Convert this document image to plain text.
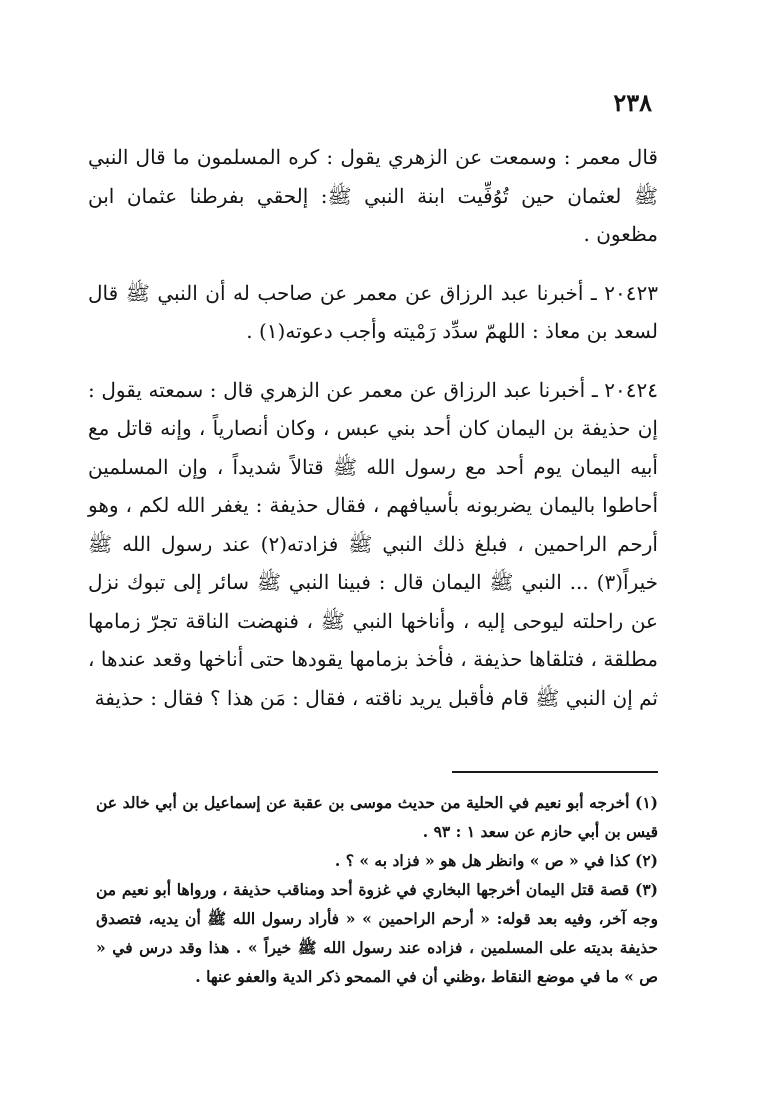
٢٣٨

قال معمر : وسمعت عن الزهري يقول : كره المسلمون ما قال النبي ﷺ لعثمان حين تُوُفِّيت ابنة النبي ﷺ: إلحقي بفرطنا عثمان ابن مظعون .

٢٠٤٢٣ ـ أخبرنا عبد الرزاق عن معمر عن صاحب له أن النبي ﷺ قال لسعد بن معاذ : اللهمّ سدِّد رَمْيته وأجب دعوته(١) .

٢٠٤٢٤ ـ أخبرنا عبد الرزاق عن معمر عن الزهري قال : سمعته يقول : إن حذيفة بن اليمان كان أحد بني عبس ، وكان أنصارياً ، وإنه قاتل مع أبيه اليمان يوم أحد مع رسول الله ﷺ قتالاً شديداً ، وإن المسلمين أحاطوا باليمان يضربونه بأسيافهم ، فقال حذيفة : يغفر الله لكم ، وهو أرحم الراحمين ، فبلغ ذلك النبي ﷺ فزادته(٢) عند رسول الله ﷺ خيراً(٣) ... النبي ﷺ اليمان قال : فبينا النبي ﷺ سائر إلى تبوك نزل عن راحلته ليوحى إليه ، وأناخها النبي ﷺ ، فنهضت الناقة تجرّ زمامها مطلقة ، فتلقاها حذيفة ، فأخذ بزمامها يقودها حتى أناخها وقعد عندها ، ثم إن النبي ﷺ قام فأقبل يريد ناقته ، فقال : مَن هذا ؟ فقال : حذيفة

(١) أخرجه أبو نعيم في الحلية من حديث موسى بن عقبة عن إسماعيل بن أبي خالد عن قيس بن أبي حازم عن سعد ١ : ٩٣ .

(٢) كذا في « ص » وانظر هل هو « فزاد به » ؟ .

(٣) قصة قتل اليمان أخرجها البخاري في غزوة أحد ومناقب حذيفة ، ورواها أبو نعيم من وجه آخر، وفيه بعد قوله: « أرحم الراحمين » « فأراد رسول الله ﷺ أن يديه، فتصدق حذيفة بديته على المسلمين ، فزاده عند رسول الله ﷺ خيراً » . هذا وقد درس في « ص » ما في موضع النقاط ،وظني أن في الممحو ذكر الدية والعفو عنها .
